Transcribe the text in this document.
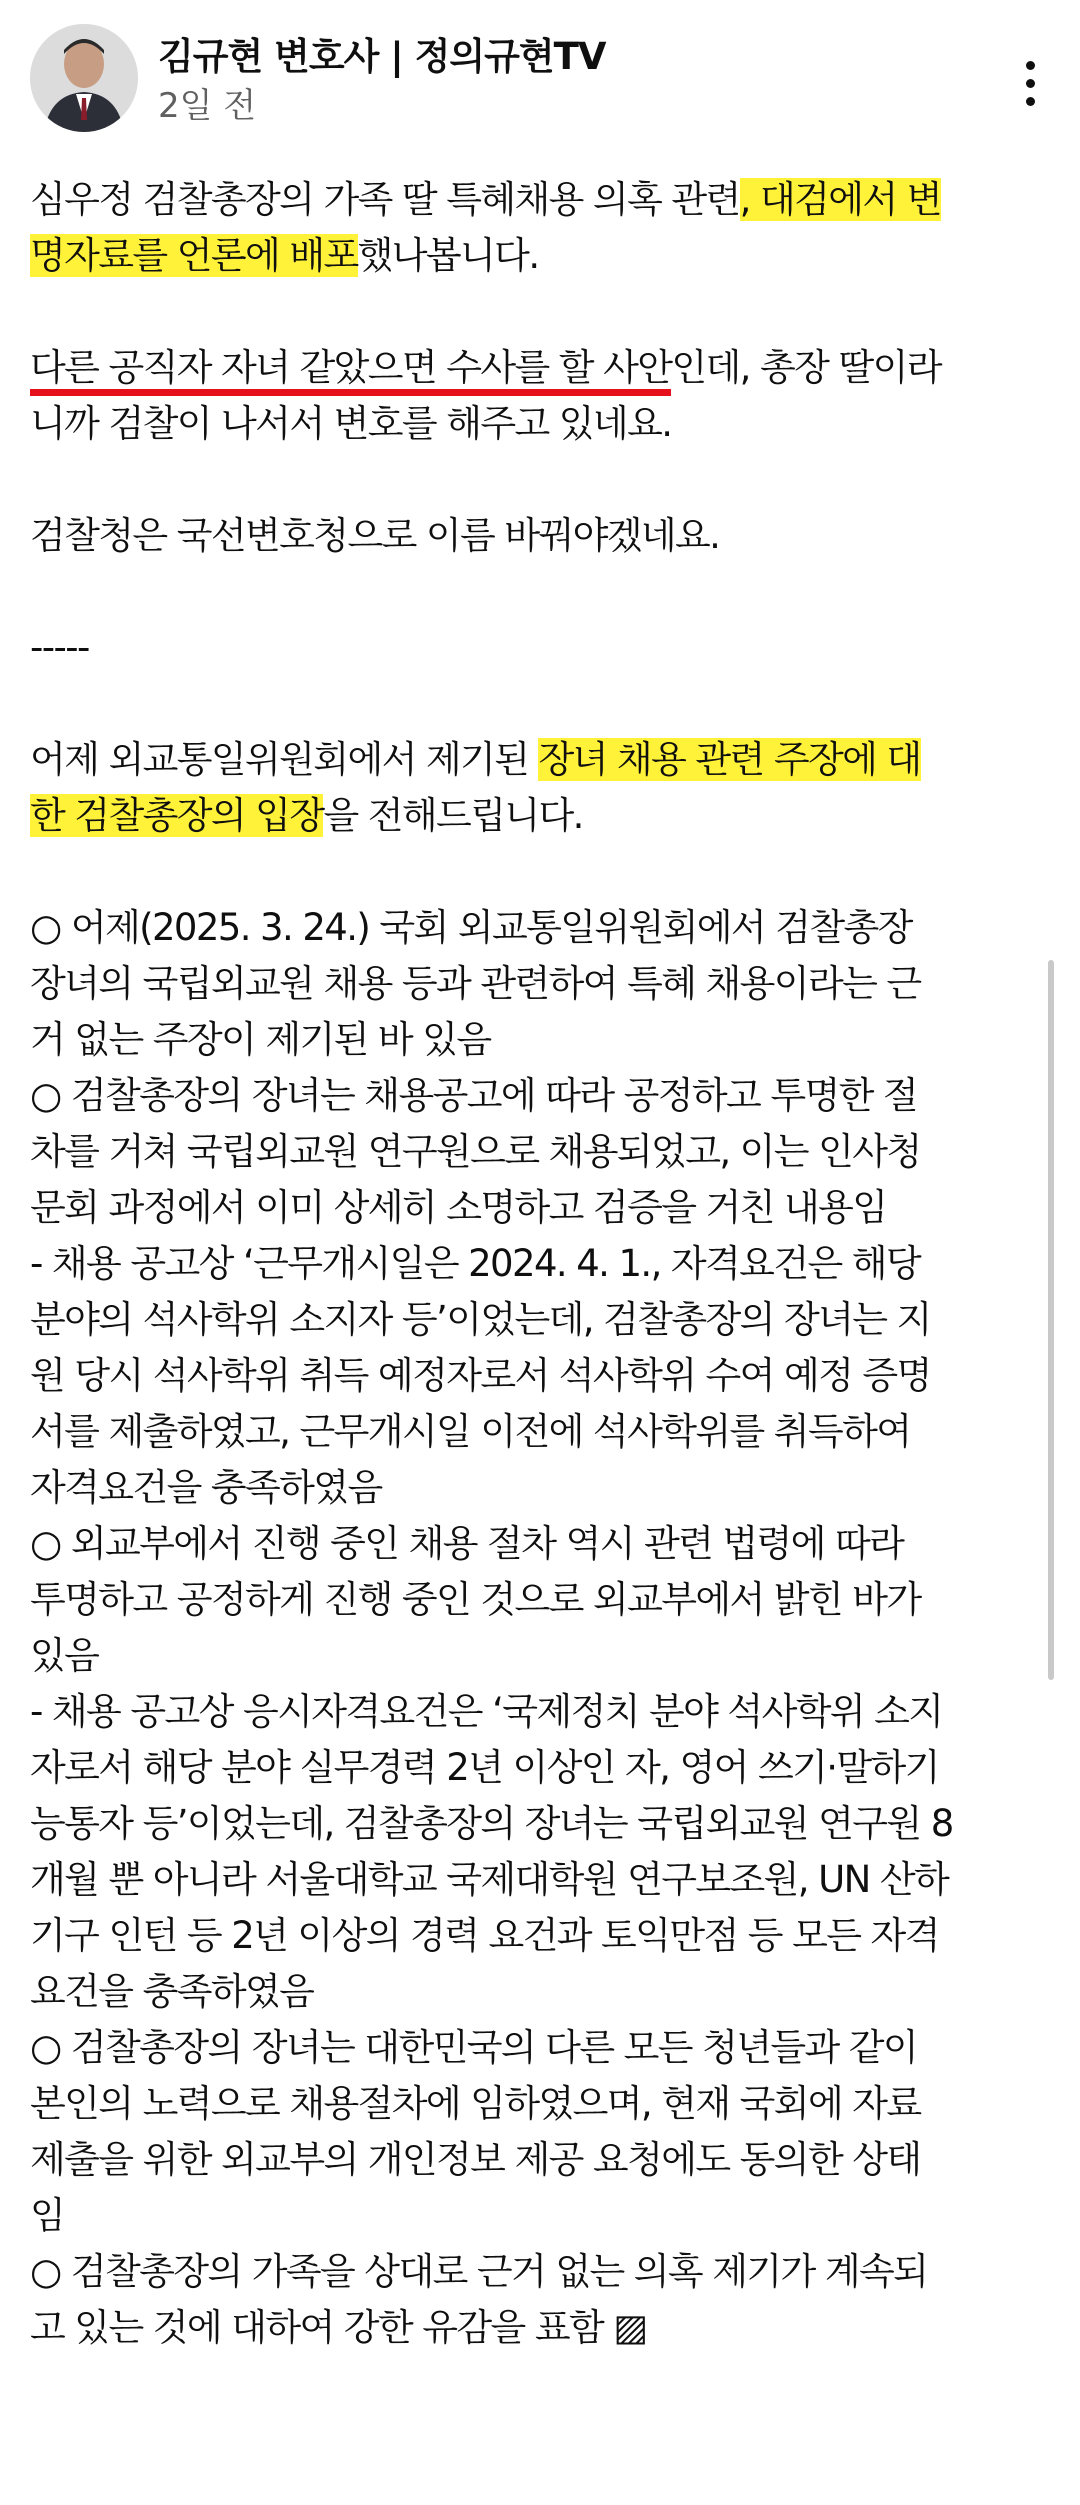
김규현 변호사 | 정의규현TV
2일 전
심우정 검찰총장의 가족 딸 특혜채용 의혹 관련, 대검에서 변
명자료를 언론에 배포했나봅니다.
다른 공직자 자녀 같았으면 수사를 할 사안인데, 총장 딸이라
니까 검찰이 나서서 변호를 해주고 있네요.
검찰청은 국선변호청으로 이름 바꿔야겠네요.
-----
어제 외교통일위원회에서 제기된 장녀 채용 관련 주장에 대
한 검찰총장의 입장을 전해드립니다.
○ 어제(2025. 3. 24.) 국회 외교통일위원회에서 검찰총장
장녀의 국립외교원 채용 등과 관련하여 특혜 채용이라는 근
거 없는 주장이 제기된 바 있음
○ 검찰총장의 장녀는 채용공고에 따라 공정하고 투명한 절
차를 거쳐 국립외교원 연구원으로 채용되었고, 이는 인사청
문회 과정에서 이미 상세히 소명하고 검증을 거친 내용임
- 채용 공고상 ‘근무개시일은 2024. 4. 1., 자격요건은 해당
분야의 석사학위 소지자 등’이었는데, 검찰총장의 장녀는 지
원 당시 석사학위 취득 예정자로서 석사학위 수여 예정 증명
서를 제출하였고, 근무개시일 이전에 석사학위를 취득하여
자격요건을 충족하였음
○ 외교부에서 진행 중인 채용 절차 역시 관련 법령에 따라
투명하고 공정하게 진행 중인 것으로 외교부에서 밝힌 바가
있음
- 채용 공고상 응시자격요건은 ‘국제정치 분야 석사학위 소지
자로서 해당 분야 실무경력 2년 이상인 자, 영어 쓰기·말하기
능통자 등’이었는데, 검찰총장의 장녀는 국립외교원 연구원 8
개월 뿐 아니라 서울대학교 국제대학원 연구보조원, UN 산하
기구 인턴 등 2년 이상의 경력 요건과 토익만점 등 모든 자격
요건을 충족하였음
○ 검찰총장의 장녀는 대한민국의 다른 모든 청년들과 같이
본인의 노력으로 채용절차에 임하였으며, 현재 국회에 자료
제출을 위한 외교부의 개인정보 제공 요청에도 동의한 상태
임
○ 검찰총장의 가족을 상대로 근거 없는 의혹 제기가 계속되
고 있는 것에 대하여 강한 유감을 표함 ▨
